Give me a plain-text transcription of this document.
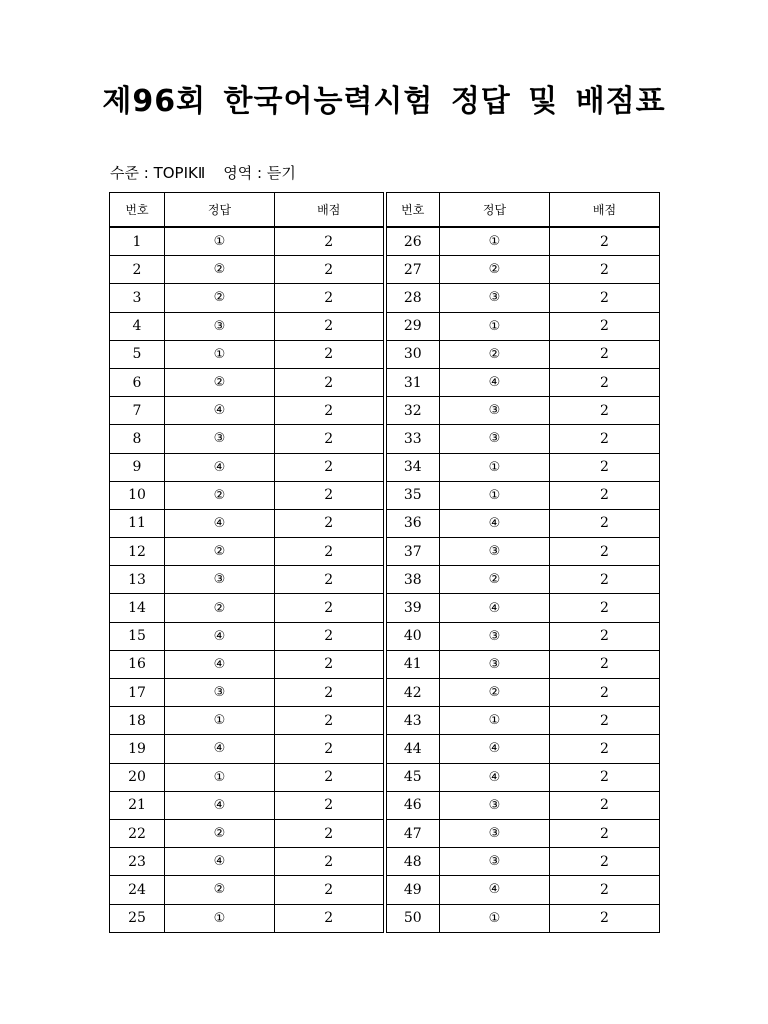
제96회 한국어능력시험 정답 및 배점표
수준 : TOPIKⅡ 영역 : 듣기
번호	정답	배점	번호	정답	배점
1	①	2	26	①	2
2	②	2	27	②	2
3	②	2	28	③	2
4	③	2	29	①	2
5	①	2	30	②	2
6	②	2	31	④	2
7	④	2	32	③	2
8	③	2	33	③	2
9	④	2	34	①	2
10	②	2	35	①	2
11	④	2	36	④	2
12	②	2	37	③	2
13	③	2	38	②	2
14	②	2	39	④	2
15	④	2	40	③	2
16	④	2	41	③	2
17	③	2	42	②	2
18	①	2	43	①	2
19	④	2	44	④	2
20	①	2	45	④	2
21	④	2	46	③	2
22	②	2	47	③	2
23	④	2	48	③	2
24	②	2	49	④	2
25	①	2	50	①	2
